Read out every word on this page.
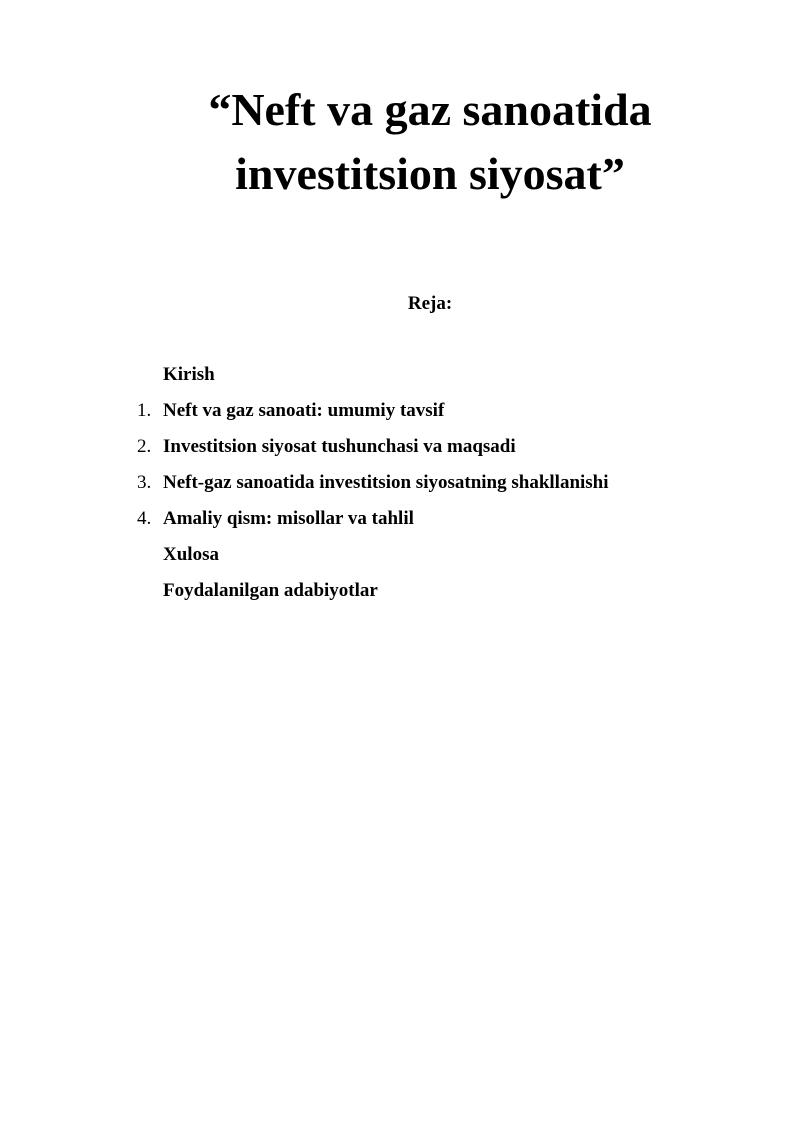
“Neft va gaz sanoatida
investitsion siyosat”
Reja:
Kirish
1. Neft va gaz sanoati: umumiy tavsif
2. Investitsion siyosat tushunchasi va maqsadi
3. Neft-gaz sanoatida investitsion siyosatning shakllanishi
4. Amaliy qism: misollar va tahlil
Xulosa
Foydalanilgan adabiyotlar
